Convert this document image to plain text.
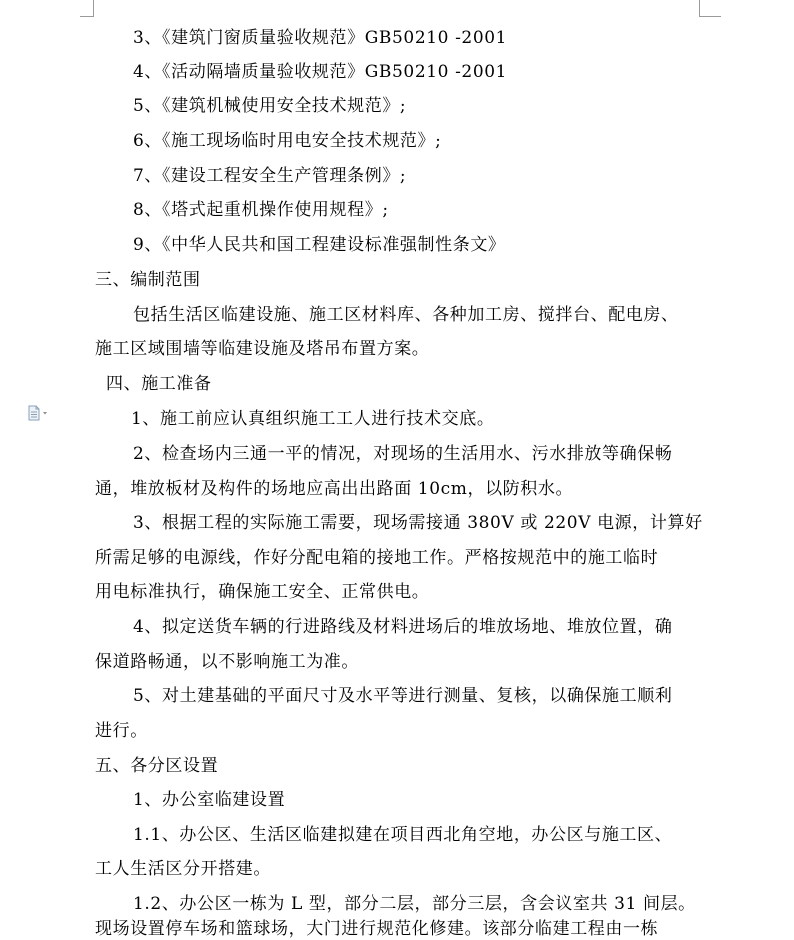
3、《建筑门窗质量验收规范》GB50210 -2001
4、《活动隔墙质量验收规范》GB50210 -2001
5、《建筑机械使用安全技术规范》;
6、《施工现场临时用电安全技术规范》;
7、《建设工程安全生产管理条例》;
8、《塔式起重机操作使用规程》;
9、《中华人民共和国工程建设标准强制性条文》
三、编制范围
包括生活区临建设施、施工区材料库、各种加工房、搅拌台、配电房、
施工区域围墙等临建设施及塔吊布置方案。
四、施工准备
1、施工前应认真组织施工工人进行技术交底。
2、检查场内三通一平的情况，对现场的生活用水、污水排放等确保畅
通，堆放板材及构件的场地应高出出路面 10cm，以防积水。
3、根据工程的实际施工需要，现场需接通 380V 或 220V 电源，计算好
所需足够的电源线，作好分配电箱的接地工作。严格按规范中的施工临时
用电标准执行，确保施工安全、正常供电。
4、拟定送货车辆的行进路线及材料进场后的堆放场地、堆放位置，确
保道路畅通，以不影响施工为准。
5、对土建基础的平面尺寸及水平等进行测量、复核，以确保施工顺利
进行。
五、各分区设置
1、办公室临建设置
1.1、办公区、生活区临建拟建在项目西北角空地，办公区与施工区、
工人生活区分开搭建。
1.2、办公区一栋为 L 型，部分二层，部分三层，含会议室共 31 间层。
现场设置停车场和篮球场，大门进行规范化修建。该部分临建工程由一栋
